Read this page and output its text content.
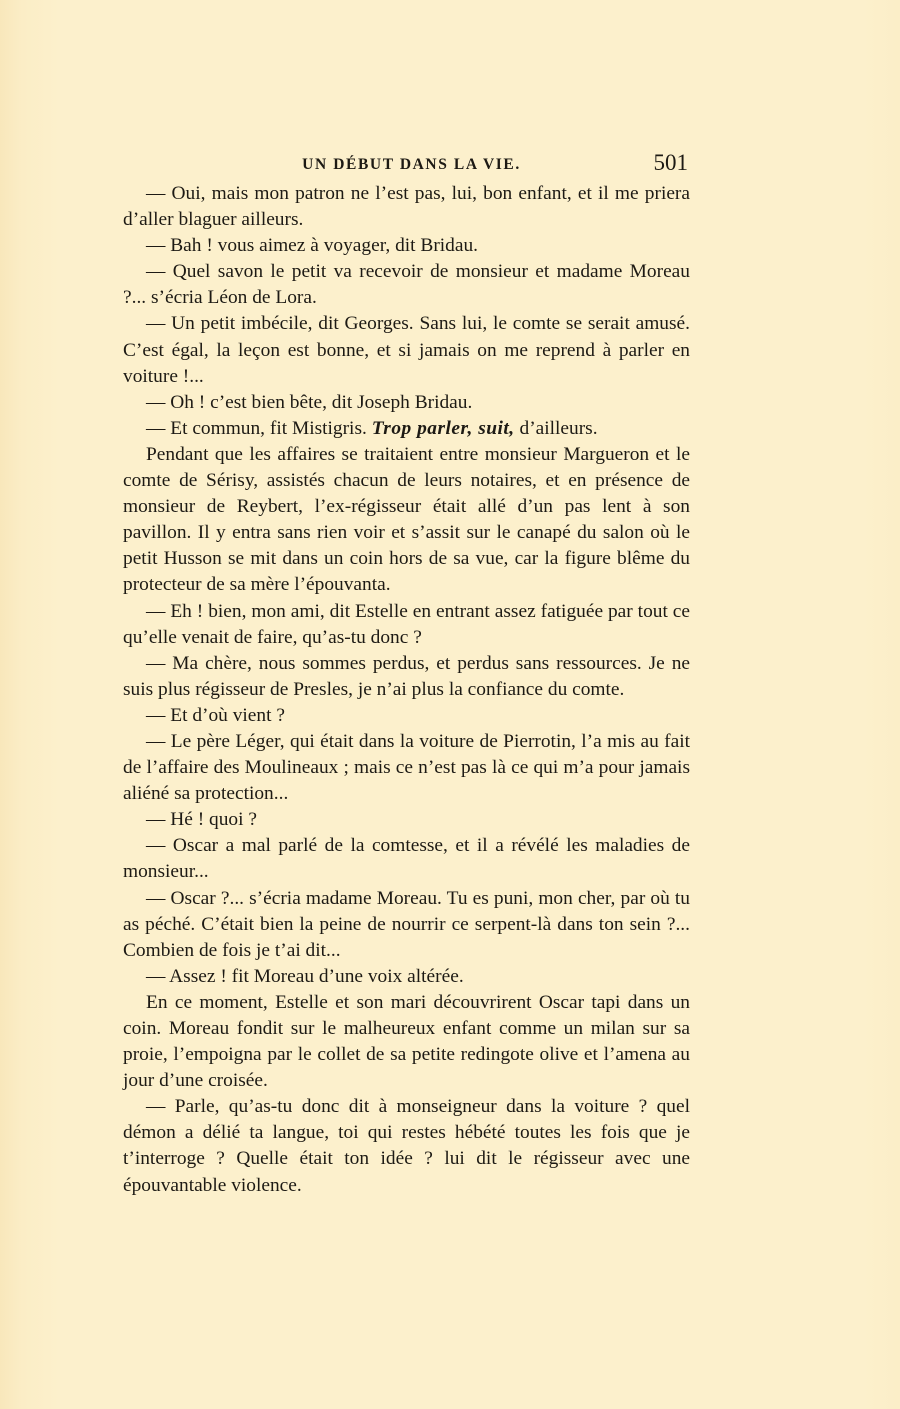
UN DÉBUT DANS LA VIE.	501

— Oui, mais mon patron ne l’est pas, lui, bon enfant, et il me priera d’aller blaguer ailleurs.

— Bah ! vous aimez à voyager, dit Bridau.

— Quel savon le petit va recevoir de monsieur et madame Moreau ?... s’écria Léon de Lora.

— Un petit imbécile, dit Georges. Sans lui, le comte se serait amusé. C’est égal, la leçon est bonne, et si jamais on me reprend à parler en voiture !...

— Oh ! c’est bien bête, dit Joseph Bridau.

— Et commun, fit Mistigris. Trop parler, suit, d’ailleurs.

Pendant que les affaires se traitaient entre monsieur Margueron et le comte de Sérisy, assistés chacun de leurs notaires, et en présence de monsieur de Reybert, l’ex-régisseur était allé d’un pas lent à son pavillon. Il y entra sans rien voir et s’assit sur le canapé du salon où le petit Husson se mit dans un coin hors de sa vue, car la figure blême du protecteur de sa mère l’épouvanta.

— Eh ! bien, mon ami, dit Estelle en entrant assez fatiguée par tout ce qu’elle venait de faire, qu’as-tu donc ?

— Ma chère, nous sommes perdus, et perdus sans ressources. Je ne suis plus régisseur de Presles, je n’ai plus la confiance du comte.

— Et d’où vient ?

— Le père Léger, qui était dans la voiture de Pierrotin, l’a mis au fait de l’affaire des Moulineaux ; mais ce n’est pas là ce qui m’a pour jamais aliéné sa protection...

— Hé ! quoi ?

— Oscar a mal parlé de la comtesse, et il a révélé les maladies de monsieur...

— Oscar ?... s’écria madame Moreau. Tu es puni, mon cher, par où tu as péché. C’était bien la peine de nourrir ce serpent-là dans ton sein ?... Combien de fois je t’ai dit...

— Assez ! fit Moreau d’une voix altérée.

En ce moment, Estelle et son mari découvrirent Oscar tapi dans un coin. Moreau fondit sur le malheureux enfant comme un milan sur sa proie, l’empoigna par le collet de sa petite redingote olive et l’amena au jour d’une croisée.

— Parle, qu’as-tu donc dit à monseigneur dans la voiture ? quel démon a délié ta langue, toi qui restes hébété toutes les fois que je t’interroge ? Quelle était ton idée ? lui dit le régisseur avec une épouvantable violence.
